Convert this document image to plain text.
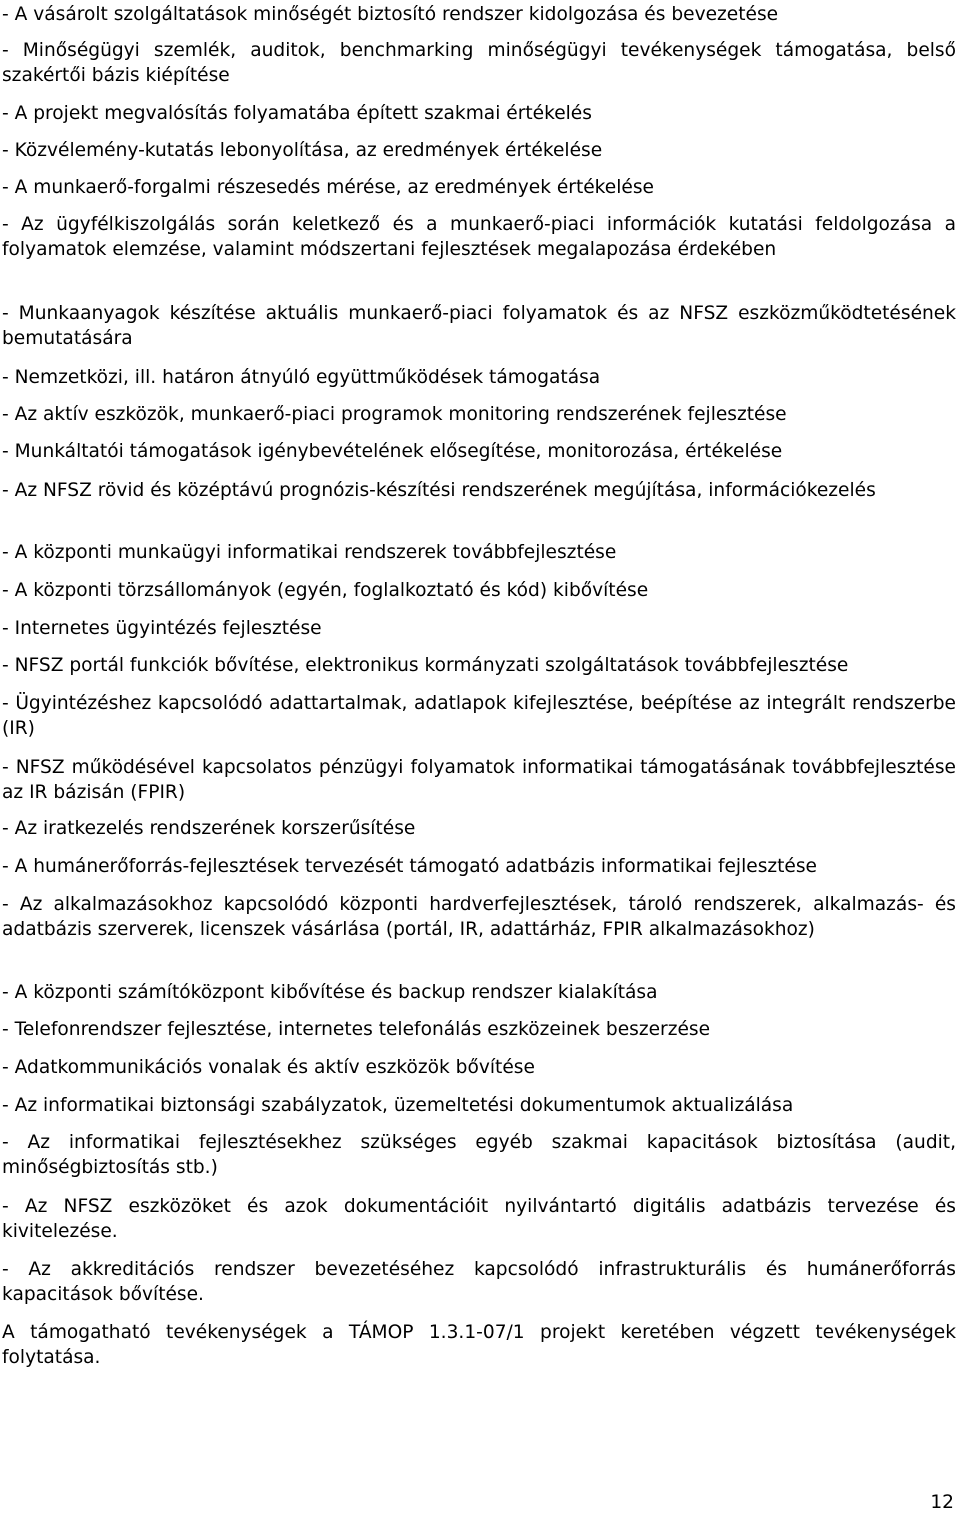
- A vásárolt szolgáltatások minőségét biztosító rendszer kidolgozása és bevezetése

- Minőségügyi szemlék, auditok, benchmarking minőségügyi tevékenységek támogatása, belső szakértői bázis kiépítése

- A projekt megvalósítás folyamatába épített szakmai értékelés

- Közvélemény-kutatás lebonyolítása, az eredmények értékelése

- A munkaerő-forgalmi részesedés mérése, az eredmények értékelése

- Az ügyfélkiszolgálás során keletkező és a munkaerő-piaci információk kutatási feldolgozása a folyamatok elemzése, valamint módszertani fejlesztések megalapozása érdekében

- Munkaanyagok készítése aktuális munkaerő-piaci folyamatok és az NFSZ eszközműködtetésének bemutatására

- Nemzetközi, ill. határon átnyúló együttműködések támogatása

- Az aktív eszközök, munkaerő-piaci programok monitoring rendszerének fejlesztése

- Munkáltatói támogatások igénybevételének elősegítése, monitorozása, értékelése

- Az NFSZ rövid és középtávú prognózis-készítési rendszerének megújítása, információkezelés

- A központi munkaügyi informatikai rendszerek továbbfejlesztése

- A központi törzsállományok (egyén, foglalkoztató és kód) kibővítése

- Internetes ügyintézés fejlesztése

- NFSZ portál funkciók bővítése, elektronikus kormányzati szolgáltatások továbbfejlesztése

- Ügyintézéshez kapcsolódó adattartalmak, adatlapok kifejlesztése, beépítése az integrált rendszerbe (IR)

- NFSZ működésével kapcsolatos pénzügyi folyamatok informatikai támogatásának továbbfejlesztése az IR bázisán (FPIR)

- Az iratkezelés rendszerének korszerűsítése

- A humánerőforrás-fejlesztések tervezését támogató adatbázis informatikai fejlesztése

- Az alkalmazásokhoz kapcsolódó központi hardverfejlesztések, tároló rendszerek, alkalmazás- és adatbázis szerverek, licenszek vásárlása (portál, IR, adattárház, FPIR alkalmazásokhoz)

- A központi számítóközpont kibővítése és backup rendszer kialakítása

- Telefonrendszer fejlesztése, internetes telefonálás eszközeinek beszerzése

- Adatkommunikációs vonalak és aktív eszközök bővítése

- Az informatikai biztonsági szabályzatok, üzemeltetési dokumentumok aktualizálása

- Az informatikai fejlesztésekhez szükséges egyéb szakmai kapacitások biztosítása (audit, minőségbiztosítás stb.)

- Az NFSZ eszközöket és azok dokumentációit nyilvántartó digitális adatbázis tervezése és kivitelezése.

- Az akkreditációs rendszer bevezetéséhez kapcsolódó infrastrukturális és humánerőforrás kapacitások bővítése.

A támogatható tevékenységek a TÁMOP 1.3.1-07/1 projekt keretében végzett tevékenységek folytatása.

12
